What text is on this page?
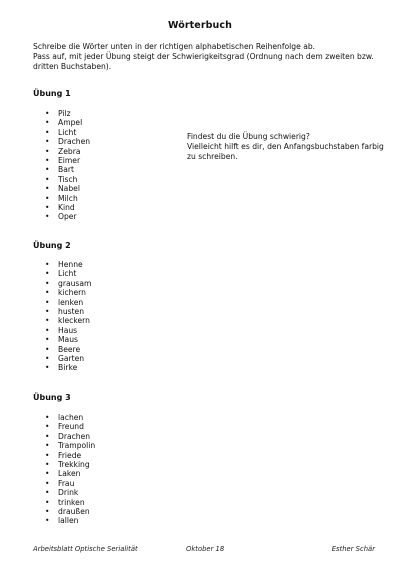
Wörterbuch

Schreibe die Wörter unten in der richtigen alphabetischen Reihenfolge ab.

Pass auf, mit jeder Übung steigt der Schwierigkeitsgrad (Ordnung nach dem zweiten bzw. dritten Buchstaben).

Übung 1
• Pilz
• Ampel
• Licht
• Drachen
• Zebra
• Eimer
• Bart
• Tisch
• Nabel
• Milch
• Kind
• Oper

Findest du die Übung schwierig?

Vielleicht hilft es dir, den Anfangsbuchstaben farbig zu schreiben.

Übung 2
• Henne
• Licht
• grausam
• kichern
• lenken
• husten
• kleckern
• Haus
• Maus
• Beere
• Garten
• Birke
Übung 3
• lachen
• Freund
• Drachen
• Trampolin
• Friede
• Trekking
• Laken
• Frau
• Drink
• trinken
• draußen
• lallen
Arbeitsblatt Optische Serialität	Oktober 18	Esther Schär
